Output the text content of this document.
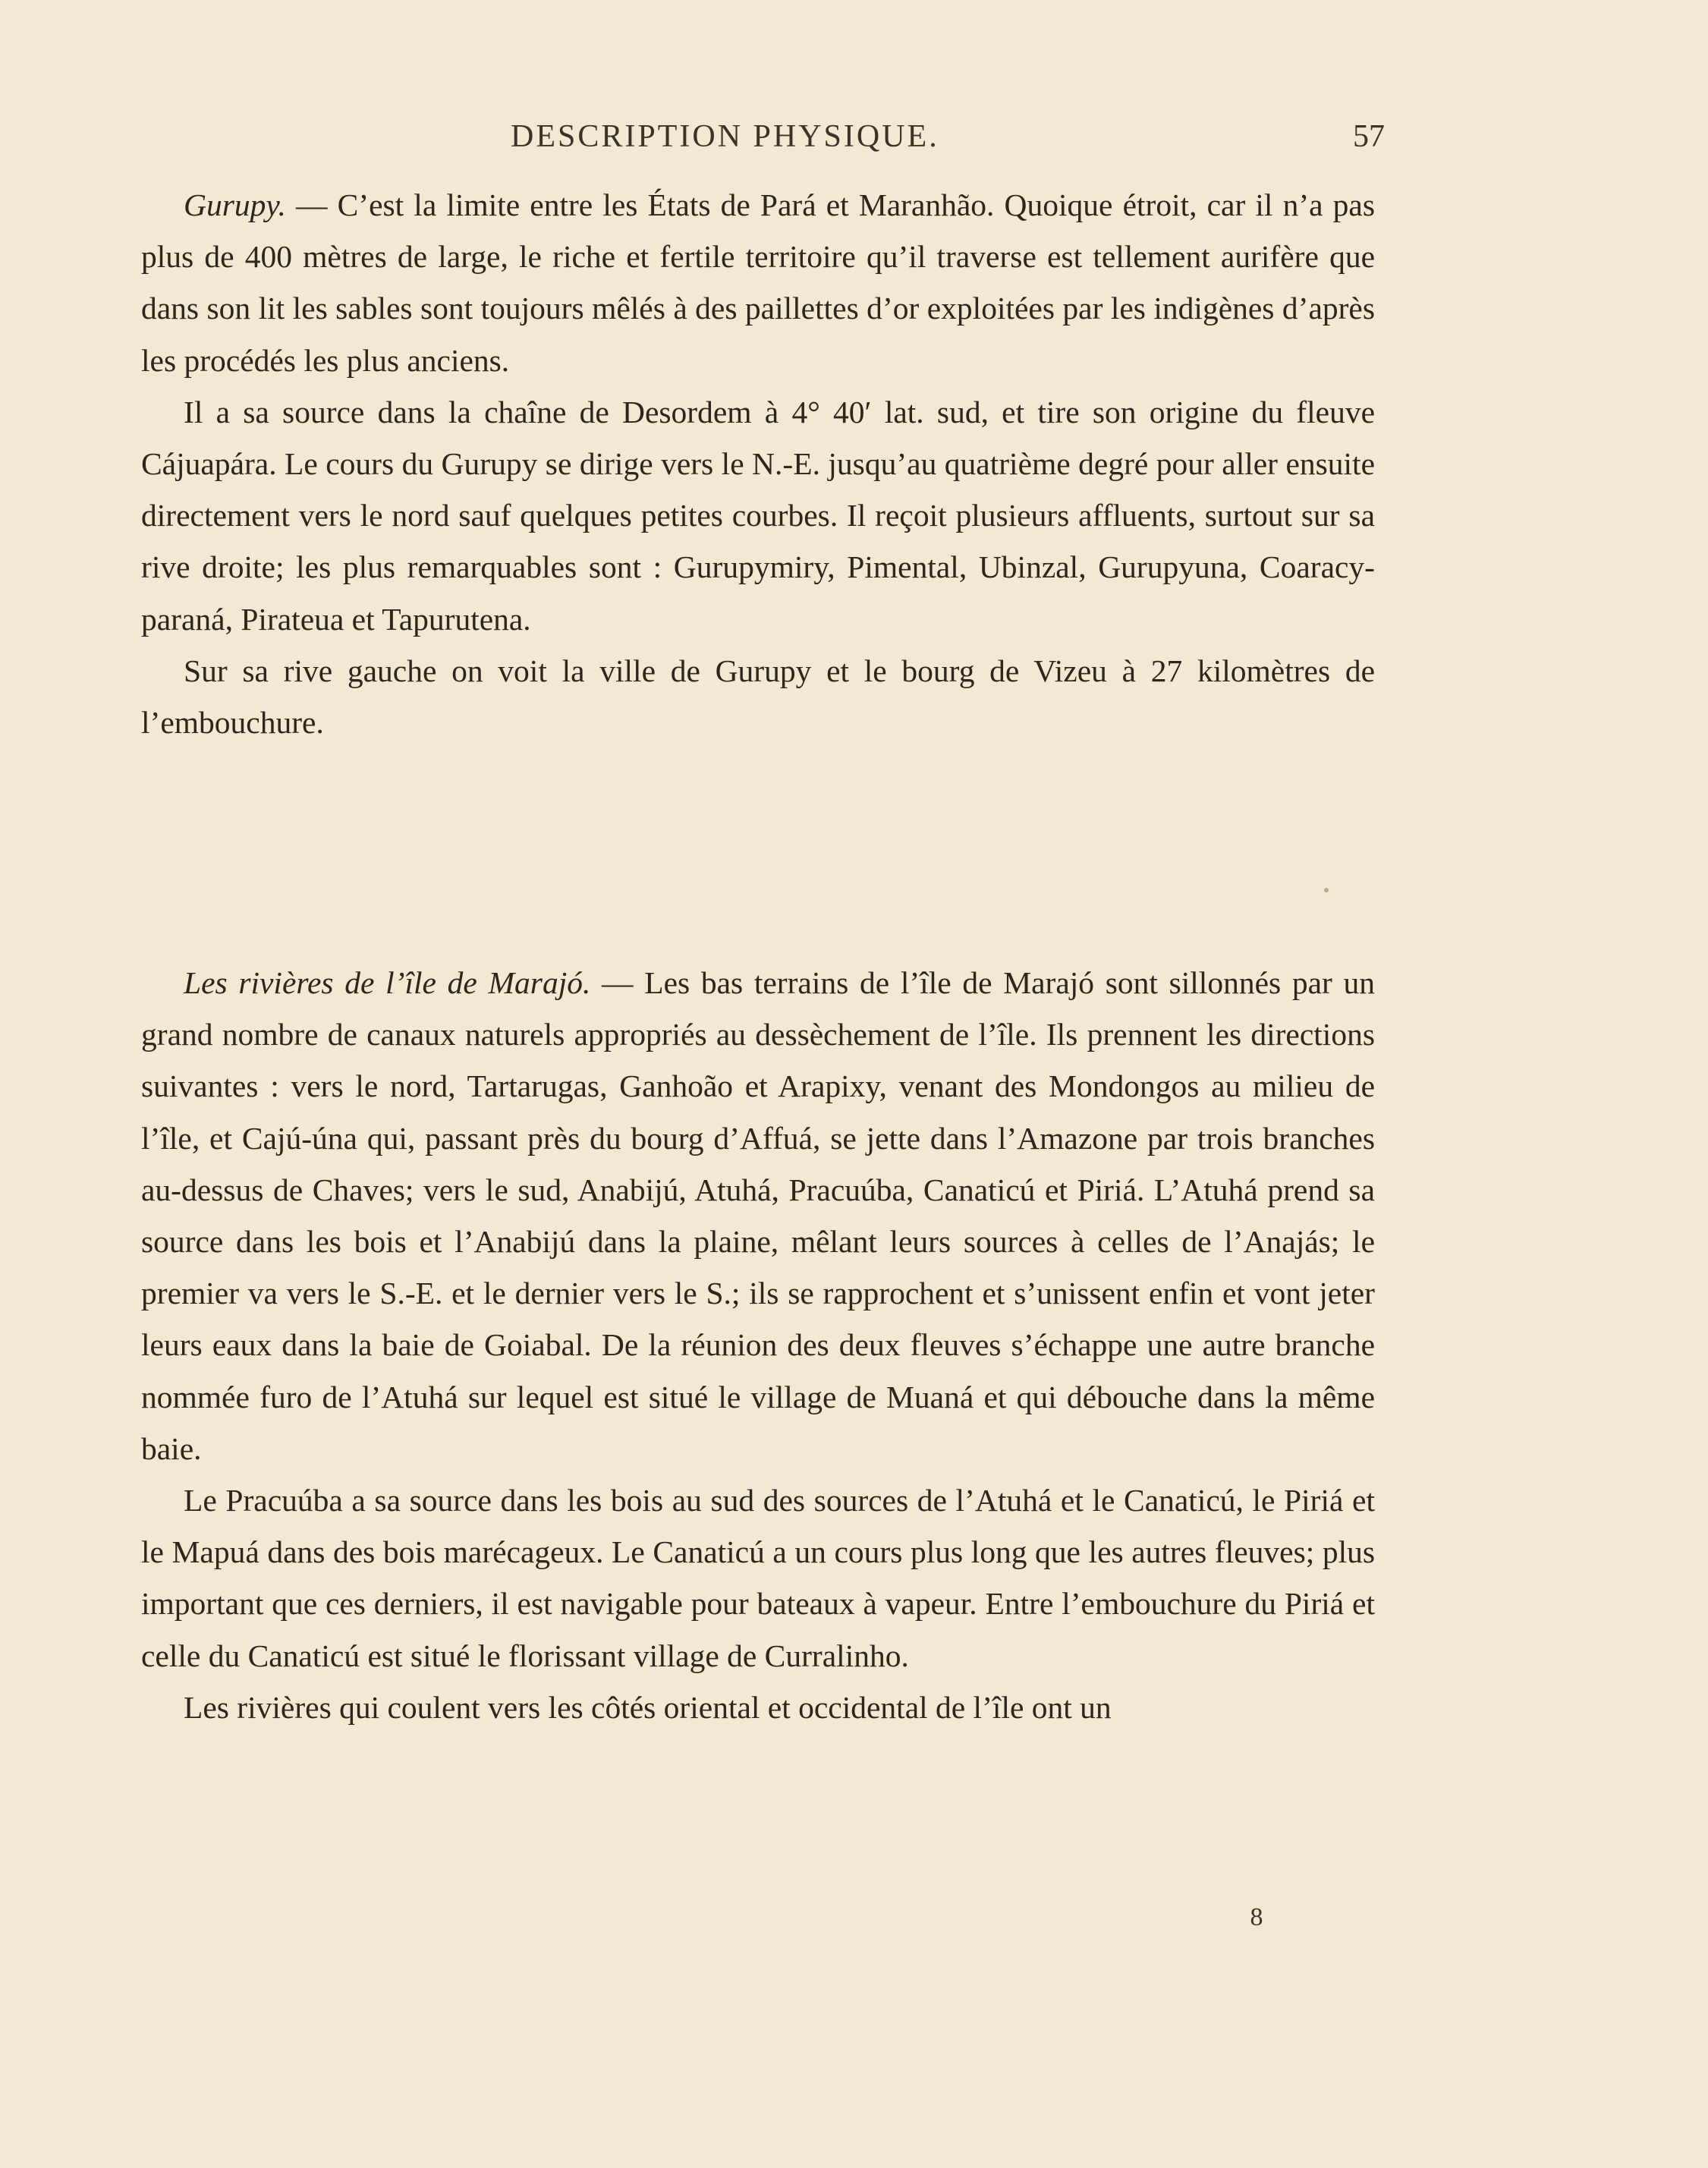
DESCRIPTION PHYSIQUE.	57

Gurupy. — C’est la limite entre les États de Pará et Maranhão. Quoique étroit, car il n’a pas plus de 400 mètres de large, le riche et fertile territoire qu’il traverse est tellement aurifère que dans son lit les sables sont toujours mêlés à des paillettes d’or exploitées par les indigènes d’après les procédés les plus anciens.

Il a sa source dans la chaîne de Desordem à 4° 40′ lat. sud, et tire son origine du fleuve Cájuapára. Le cours du Gurupy se dirige vers le N.-E. jusqu’au quatrième degré pour aller ensuite directement vers le nord sauf quelques petites courbes. Il reçoit plusieurs affluents, surtout sur sa rive droite; les plus remarquables sont : Gurupymiry, Pimental, Ubinzal, Gurupyuna, Coaracy-paraná, Pirateua et Tapurutena.

Sur sa rive gauche on voit la ville de Gurupy et le bourg de Vizeu à 27 kilomètres de l’embouchure.

Les rivières de l’île de Marajó. — Les bas terrains de l’île de Marajó sont sillonnés par un grand nombre de canaux naturels appropriés au dessèchement de l’île. Ils prennent les directions suivantes : vers le nord, Tartarugas, Ganhoão et Arapixy, venant des Mondongos au milieu de l’île, et Cajú-úna qui, passant près du bourg d’Affuá, se jette dans l’Amazone par trois branches au-dessus de Chaves; vers le sud, Anabijú, Atuhá, Pracuúba, Canaticú et Piriá. L’Atuhá prend sa source dans les bois et l’Anabijú dans la plaine, mêlant leurs sources à celles de l’Anajás; le premier va vers le S.-E. et le dernier vers le S.; ils se rapprochent et s’unissent enfin et vont jeter leurs eaux dans la baie de Goiabal. De la réunion des deux fleuves s’échappe une autre branche nommée furo de l’Atuhá sur lequel est situé le village de Muaná et qui débouche dans la même baie.

Le Pracuúba a sa source dans les bois au sud des sources de l’Atuhá et le Canaticú, le Piriá et le Mapuá dans des bois marécageux. Le Canaticú a un cours plus long que les autres fleuves; plus important que ces derniers, il est navigable pour bateaux à vapeur. Entre l’embouchure du Piriá et celle du Canaticú est situé le florissant village de Curralinho.

Les rivières qui coulent vers les côtés oriental et occidental de l’île ont un

8
